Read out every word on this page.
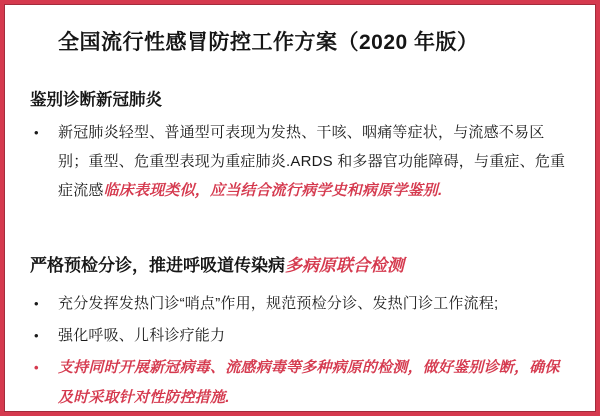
全国流行性感冒防控工作方案（2020 年版）
鉴别诊断新冠肺炎
•	新冠肺炎轻型、普通型可表现为发热、干咳、咽痛等症状，与流感不易区别；重型、危重型表现为重症肺炎.ARDS 和多器官功能障碍，与重症、危重症流感临床表现类似，应当结合流行病学史和病原学鉴别.

严格预检分诊，推进呼吸道传染病多病原联合检测
•	充分发挥发热门诊“哨点”作用，规范预检分诊、发热门诊工作流程;

•	强化呼吸、儿科诊疗能力

•	支持同时开展新冠病毒、流感病毒等多种病原的检测，做好鉴别诊断，确保及时采取针对性防控措施.
